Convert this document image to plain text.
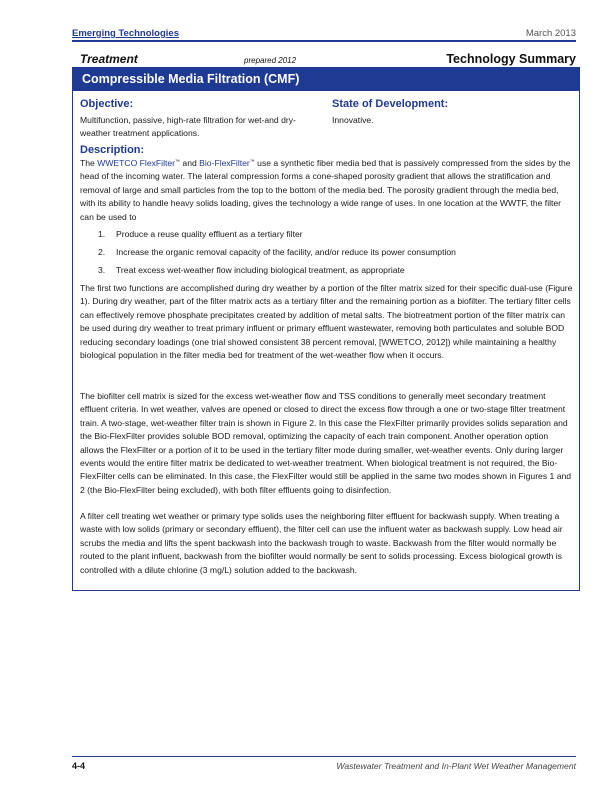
Emerging Technologies	March 2013
Treatment	prepared 2012	Technology Summary
Compressible Media Filtration (CMF)
Objective:
Multifunction, passive, high-rate filtration for wet-and dry-weather treatment applications.
State of Development:
Innovative.
Description:
The WWETCO FlexFilter™ and Bio-FlexFilter™ use a synthetic fiber media bed that is passively compressed from the sides by the head of the incoming water. The lateral compression forms a cone-shaped porosity gradient that allows the stratification and removal of large and small particles from the top to the bottom of the media bed. The porosity gradient through the media bed, with its ability to handle heavy solids loading, gives the technology a wide range of uses. In one location at the WWTF, the filter can be used to
1. Produce a reuse quality effluent as a tertiary filter
2. Increase the organic removal capacity of the facility, and/or reduce its power consumption
3. Treat excess wet-weather flow including biological treatment, as appropriate
The first two functions are accomplished during dry weather by a portion of the filter matrix sized for their specific dual-use (Figure 1). During dry weather, part of the filter matrix acts as a tertiary filter and the remaining portion as a biofilter. The tertiary filter cells can effectively remove phosphate precipitates created by addition of metal salts. The biotreatment portion of the filter matrix can be used during dry weather to treat primary influent or primary effluent wastewater, removing both particulates and soluble BOD reducing secondary loadings (one trial showed consistent 38 percent removal, [WWETCO, 2012]) while maintaining a healthy biological population in the filter media bed for treatment of the wet-weather flow when it occurs.
The biofilter cell matrix is sized for the excess wet-weather flow and TSS conditions to generally meet secondary treatment effluent criteria. In wet weather, valves are opened or closed to direct the excess flow through a one or two-stage filter treatment train. A two-stage, wet-weather filter train is shown in Figure 2. In this case the FlexFilter primarily provides solids separation and the Bio-FlexFilter provides soluble BOD removal, optimizing the capacity of each train component. Another operation option allows the FlexFilter or a portion of it to be used in the tertiary filter mode during smaller, wet-weather events. Only during larger events would the entire filter matrix be dedicated to wet-weather treatment. When biological treatment is not required, the Bio-FlexFilter cells can be eliminated. In this case, the FlexFilter would still be applied in the same two modes shown in Figures 1 and 2 (the Bio-FlexFilter being excluded), with both filter effluents going to disinfection.
A filter cell treating wet weather or primary type solids uses the neighboring filter effluent for backwash supply. When treating a waste with low solids (primary or secondary effluent), the filter cell can use the influent water as backwash supply. Low head air scrubs the media and lifts the spent backwash into the backwash trough to waste. Backwash from the filter would normally be routed to the plant influent, backwash from the biofilter would normally be sent to solids processing. Excess biological growth is controlled with a dilute chlorine (3 mg/L) solution added to the backwash.
4-4	Wastewater Treatment and In-Plant Wet Weather Management
